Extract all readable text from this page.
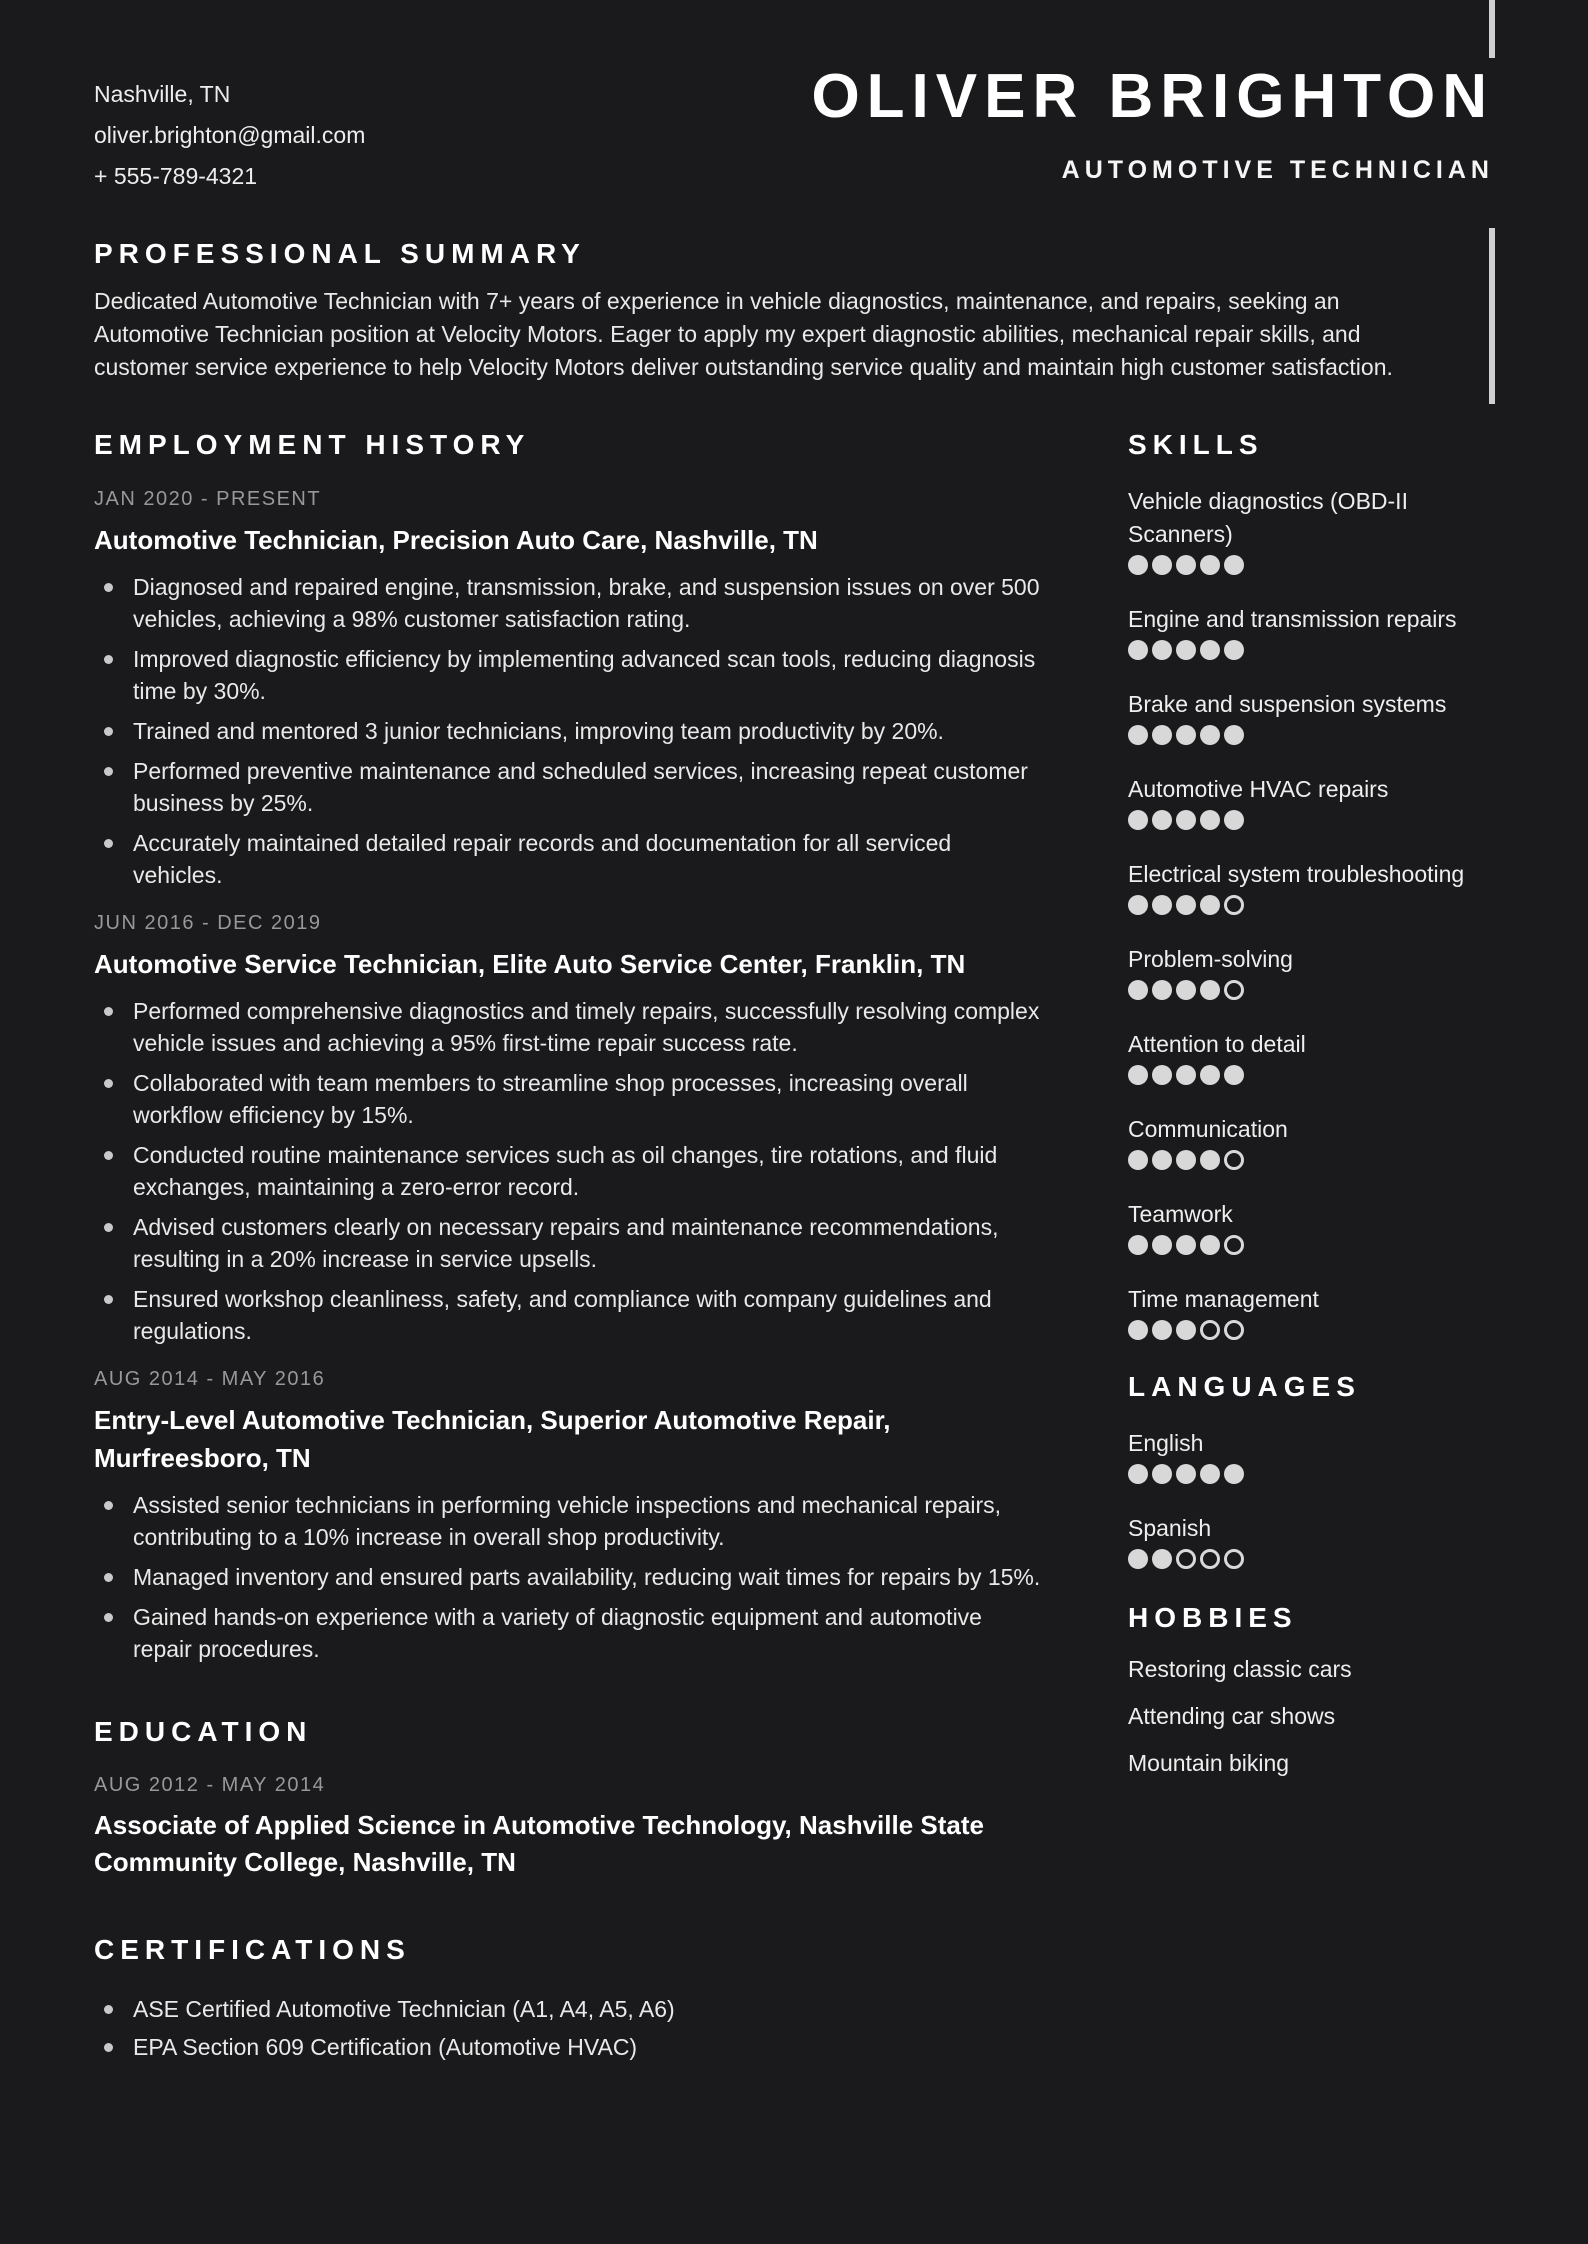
Nashville, TN
oliver.brighton@gmail.com
+ 555-789-4321
OLIVER BRIGHTON
AUTOMOTIVE TECHNICIAN
PROFESSIONAL SUMMARY

Dedicated Automotive Technician with 7+ years of experience in vehicle diagnostics, maintenance, and repairs, seeking an Automotive Technician position at Velocity Motors. Eager to apply my expert diagnostic abilities, mechanical repair skills, and customer service experience to help Velocity Motors deliver outstanding service quality and maintain high customer satisfaction.

EMPLOYMENT HISTORY
JAN 2020 - PRESENT
Automotive Technician, Precision Auto Care, Nashville, TN
Diagnosed and repaired engine, transmission, brake, and suspension issues on over 500 vehicles, achieving a 98% customer satisfaction rating.
Improved diagnostic efficiency by implementing advanced scan tools, reducing diagnosis time by 30%.
Trained and mentored 3 junior technicians, improving team productivity by 20%.
Performed preventive maintenance and scheduled services, increasing repeat customer business by 25%.
Accurately maintained detailed repair records and documentation for all serviced vehicles.
JUN 2016 - DEC 2019
Automotive Service Technician, Elite Auto Service Center, Franklin, TN
Performed comprehensive diagnostics and timely repairs, successfully resolving complex vehicle issues and achieving a 95% first-time repair success rate.
Collaborated with team members to streamline shop processes, increasing overall workflow efficiency by 15%.
Conducted routine maintenance services such as oil changes, tire rotations, and fluid exchanges, maintaining a zero-error record.
Advised customers clearly on necessary repairs and maintenance recommendations, resulting in a 20% increase in service upsells.
Ensured workshop cleanliness, safety, and compliance with company guidelines and regulations.
AUG 2014 - MAY 2016
Entry-Level Automotive Technician, Superior Automotive Repair, Murfreesboro, TN
Assisted senior technicians in performing vehicle inspections and mechanical repairs, contributing to a 10% increase in overall shop productivity.
Managed inventory and ensured parts availability, reducing wait times for repairs by 15%.
Gained hands-on experience with a variety of diagnostic equipment and automotive repair procedures.
EDUCATION
AUG 2012 - MAY 2014
Associate of Applied Science in Automotive Technology, Nashville State Community College, Nashville, TN
CERTIFICATIONS
ASE Certified Automotive Technician (A1, A4, A5, A6)
EPA Section 609 Certification (Automotive HVAC)
SKILLS
Vehicle diagnostics (OBD-II Scanners)
Engine and transmission repairs
Brake and suspension systems
Automotive HVAC repairs
Electrical system troubleshooting
Problem-solving
Attention to detail
Communication
Teamwork
Time management
LANGUAGES
English
Spanish
HOBBIES
Restoring classic cars
Attending car shows
Mountain biking
